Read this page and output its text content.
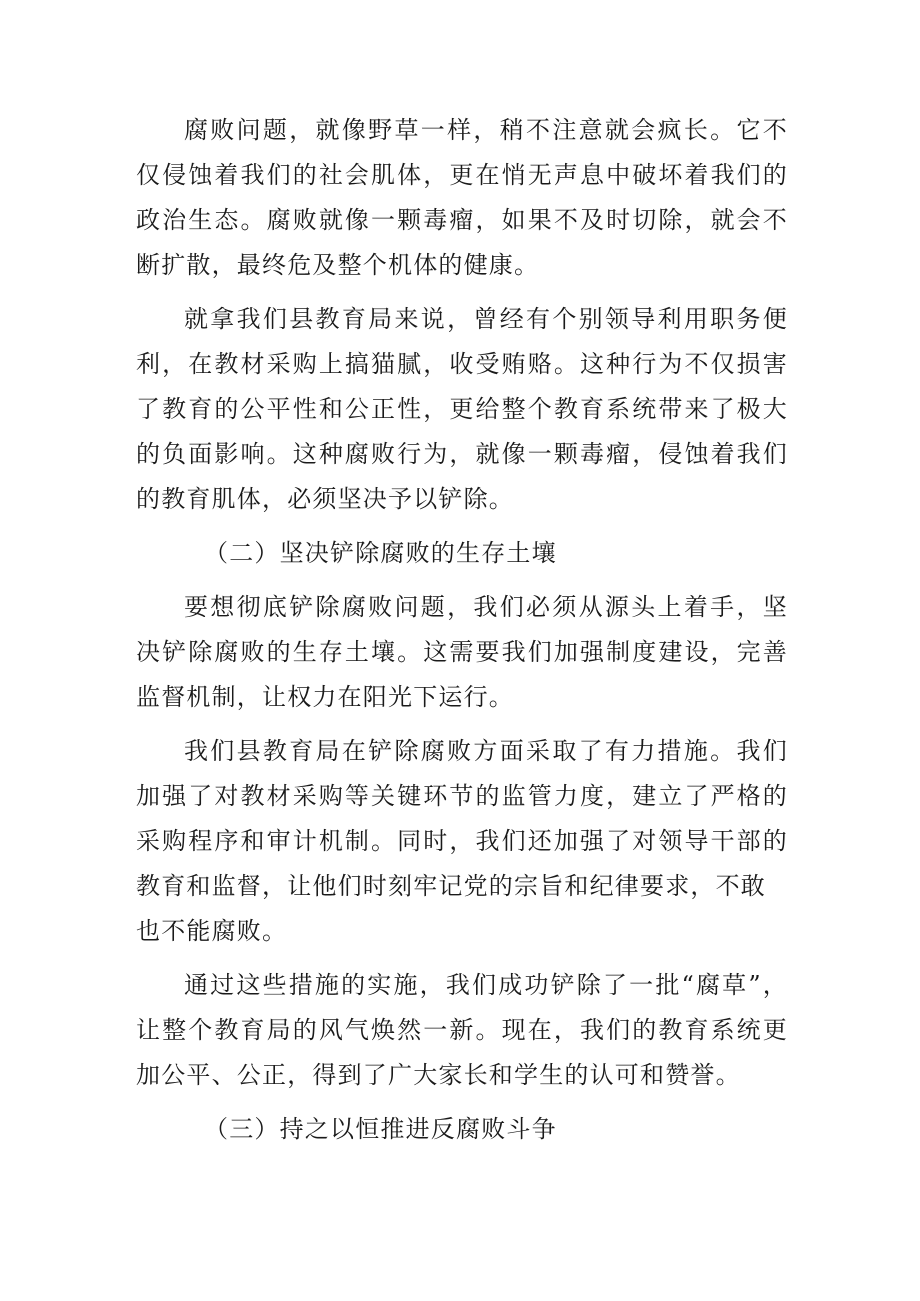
腐败问题，就像野草一样，稍不注意就会疯长。它不仅侵蚀着我们的社会肌体，更在悄无声息中破坏着我们的政治生态。腐败就像一颗毒瘤，如果不及时切除，就会不断扩散，最终危及整个机体的健康。

就拿我们县教育局来说，曾经有个别领导利用职务便利，在教材采购上搞猫腻，收受贿赂。这种行为不仅损害了教育的公平性和公正性，更给整个教育系统带来了极大的负面影响。这种腐败行为，就像一颗毒瘤，侵蚀着我们的教育肌体，必须坚决予以铲除。

（二）坚决铲除腐败的生存土壤

要想彻底铲除腐败问题，我们必须从源头上着手，坚决铲除腐败的生存土壤。这需要我们加强制度建设，完善监督机制，让权力在阳光下运行。

我们县教育局在铲除腐败方面采取了有力措施。我们加强了对教材采购等关键环节的监管力度，建立了严格的采购程序和审计机制。同时，我们还加强了对领导干部的教育和监督，让他们时刻牢记党的宗旨和纪律要求，不敢
也不能腐败。

通过这些措施的实施，我们成功铲除了一批“腐草”，让整个教育局的风气焕然一新。现在，我们的教育系统更加公平、公正，得到了广大家长和学生的认可和赞誉。

（三）持之以恒推进反腐败斗争
